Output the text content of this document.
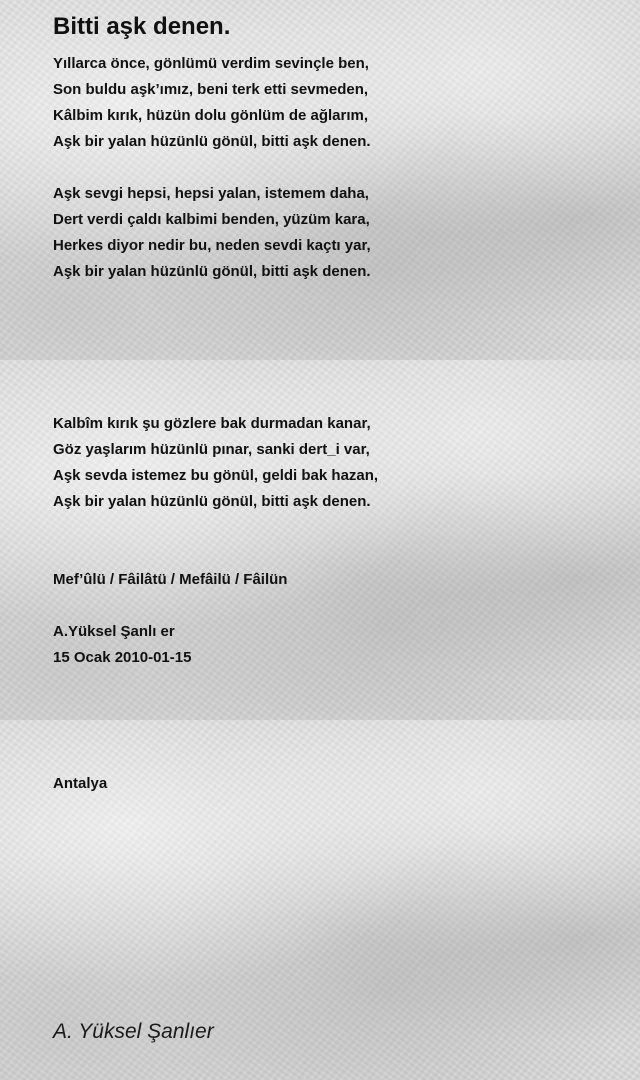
Bitti aşk denen.
Yıllarca önce, gönlümü verdim sevinçle ben,
Son buldu aşk’ımız, beni terk etti sevmeden,
Kâlbim kırık, hüzün dolu gönlüm de ağlarım,
Aşk bir yalan hüzünlü gönül, bitti aşk denen.
Aşk sevgi hepsi, hepsi yalan, istemem daha,
Dert verdi çaldı kalbimi benden, yüzüm kara,
Herkes diyor nedir bu, neden sevdi kaçtı yar,
Aşk bir yalan hüzünlü gönül, bitti aşk denen.
Kalbîm kırık şu gözlere bak durmadan kanar,
Göz yaşlarım hüzünlü pınar, sanki dert_i var,
Aşk sevda istemez bu gönül, geldi bak hazan,
Aşk bir yalan hüzünlü gönül, bitti aşk denen.

Mef’ûlü / Fâilâtü / Mefâilü / Fâilün

A.Yüksel Şanlı er

15 Ocak 2010-01-15

Antalya

A. Yüksel Şanlıer
